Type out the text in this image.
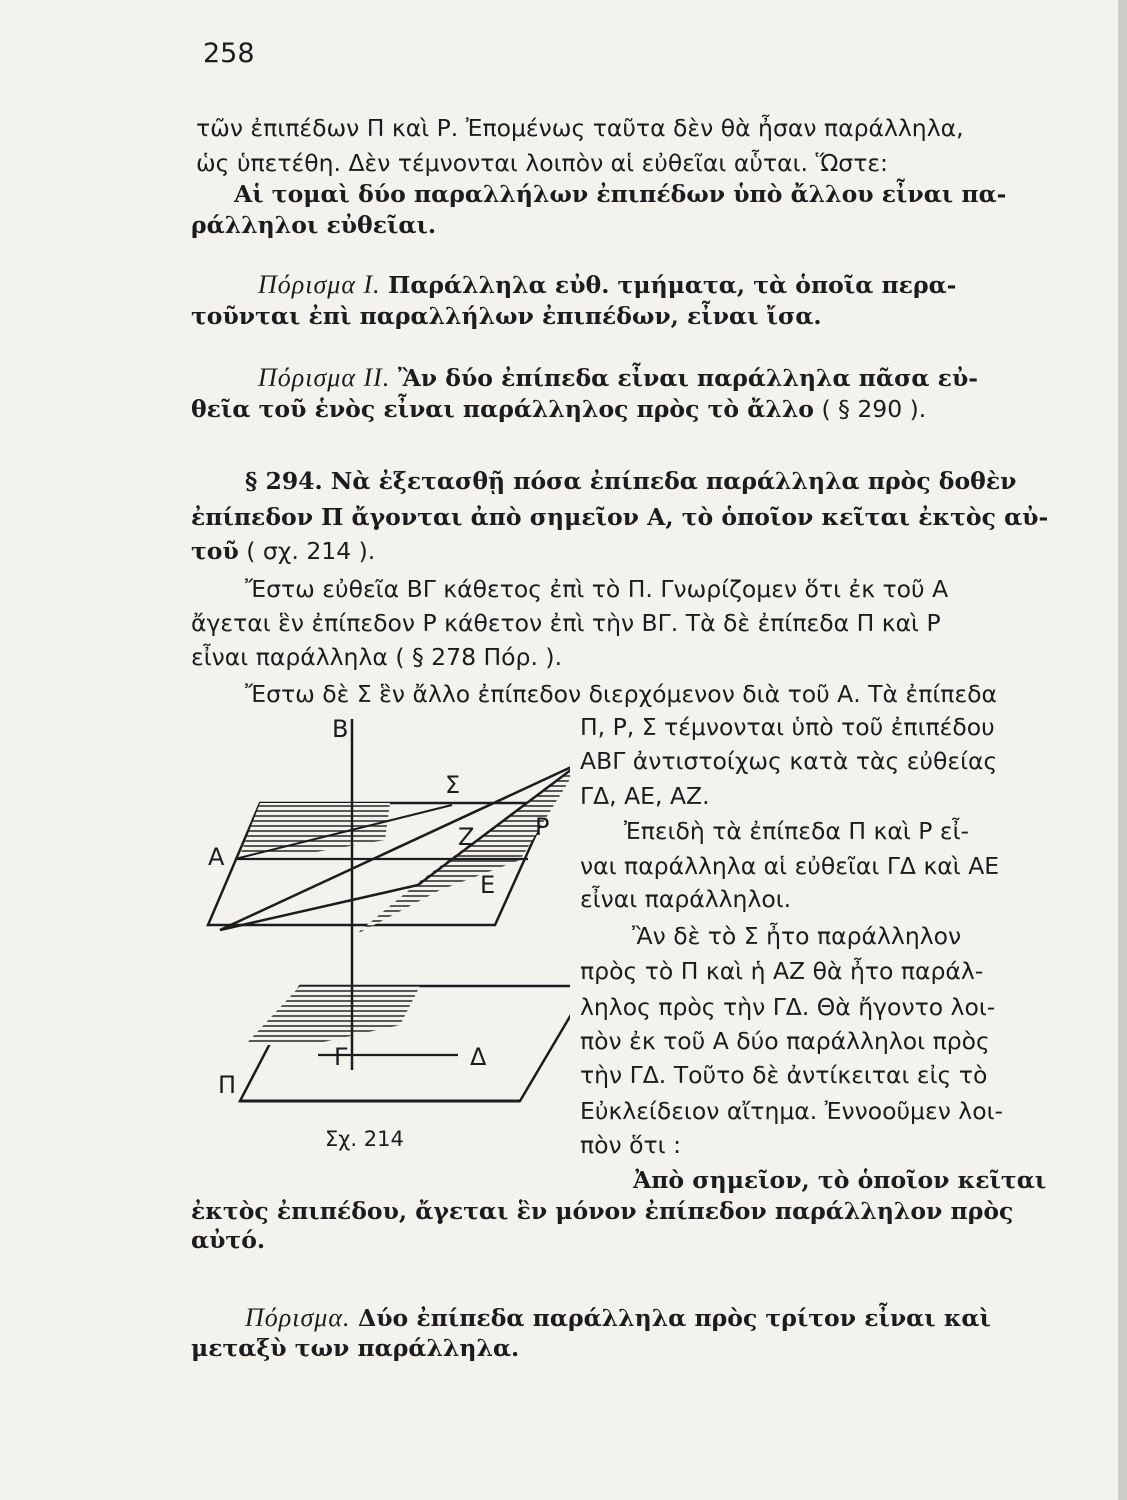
258
τῶν ἐπιπέδων Π καὶ Ρ. Ἐπομένως ταῦτα δὲν θὰ ἦσαν παράλληλα,
ὡς ὑπετέθη. Δὲν τέμνονται λοιπὸν αἱ εὐθεῖαι αὗται. Ὥστε:
Αἱ τομαὶ δύο παραλλήλων ἐπιπέδων ὑπὸ ἄλλου εἶναι πα-
ράλληλοι εὐθεῖαι.
Πόρισμα Ι. Παράλληλα εὐθ. τμήματα, τὰ ὁποῖα περα-
τοῦνται ἐπὶ παραλλήλων ἐπιπέδων, εἶναι ἴσα.
Πόρισμα ΙΙ. Ἂν δύο ἐπίπεδα εἶναι παράλληλα πᾶσα εὐ-
θεῖα τοῦ ἑνὸς εἶναι παράλληλος πρὸς τὸ ἄλλο ( § 290 ).
§ 294. Νὰ ἐξετασθῇ πόσα ἐπίπεδα παράλληλα πρὸς δοθὲν
ἐπίπεδον Π ἄγονται ἀπὸ σημεῖον Α, τὸ ὁποῖον κεῖται ἐκτὸς αὐ-
τοῦ ( σχ. 214 ).
Ἔστω εὐθεῖα ΒΓ κάθετος ἐπὶ τὸ Π. Γνωρίζομεν ὅτι ἐκ τοῦ Α
ἄγεται ἓν ἐπίπεδον Ρ κάθετον ἐπὶ τὴν ΒΓ. Τὰ δὲ ἐπίπεδα Π καὶ Ρ
εἶναι παράλληλα ( § 278 Πόρ. ).
Ἔστω δὲ Σ ἓν ἄλλο ἐπίπεδον διερχόμενον διὰ τοῦ Α. Τὰ ἐπίπεδα
Π, Ρ, Σ τέμνονται ὑπὸ τοῦ ἐπιπέδου
ΑΒΓ ἀντιστοίχως κατὰ τὰς εὐθείας
ΓΔ, ΑΕ, ΑΖ.
Ἐπειδὴ τὰ ἐπίπεδα Π καὶ Ρ εἶ-
ναι παράλληλα αἱ εὐθεῖαι ΓΔ καὶ ΑΕ
εἶναι παράλληλοι.
Ἂν δὲ τὸ Σ ἦτο παράλληλον
πρὸς τὸ Π καὶ ἡ ΑΖ θὰ ἦτο παράλ-
ληλος πρὸς τὴν ΓΔ. Θὰ ἤγοντο λοι-
πὸν ἐκ τοῦ Α δύο παράλληλοι πρὸς
τὴν ΓΔ. Τοῦτο δὲ ἀντίκειται εἰς τὸ
Εὐκλείδειον αἴτημα. Ἐννοοῦμεν λοι-
πὸν ὅτι :
Ἀπὸ σημεῖον, τὸ ὁποῖον κεῖται
ἐκτὸς ἐπιπέδου, ἄγεται ἓν μόνον ἐπίπεδον παράλληλον πρὸς
αὐτό.
Πόρισμα. Δύο ἐπίπεδα παράλληλα πρὸς τρίτον εἶναι καὶ
μεταξὺ των παράλληλα.
Β
Σ
Ζ	Ρ
Α
Ε
Γ	Δ
Π
Σχ. 214
